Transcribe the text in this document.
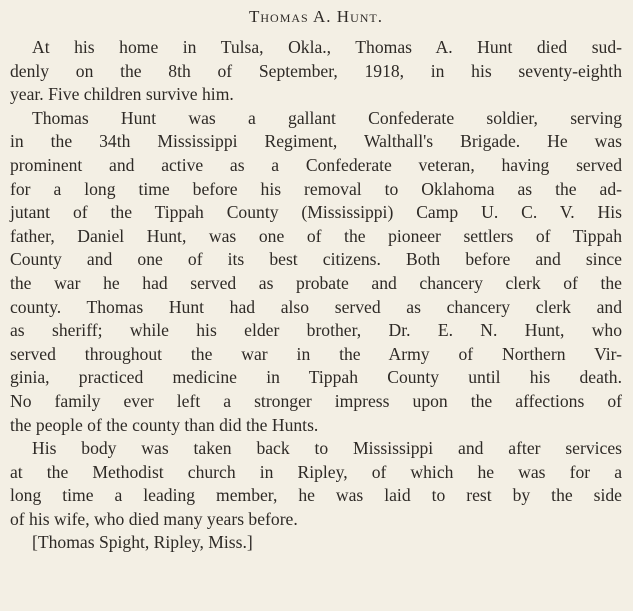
Thomas A. Hunt.

At his home in Tulsa, Okla., Thomas A. Hunt died sud-
denly on the 8th of September, 1918, in his seventy-eighth
year. Five children survive him.

Thomas Hunt was a gallant Confederate soldier, serving
in the 34th Mississippi Regiment, Walthall's Brigade. He was
prominent and active as a Confederate veteran, having served
for a long time before his removal to Oklahoma as the ad-
jutant of the Tippah County (Mississippi) Camp U. C. V. His
father, Daniel Hunt, was one of the pioneer settlers of Tippah
County and one of its best citizens. Both before and since
the war he had served as probate and chancery clerk of the
county. Thomas Hunt had also served as chancery clerk and
as sheriff; while his elder brother, Dr. E. N. Hunt, who
served throughout the war in the Army of Northern Vir-
ginia, practiced medicine in Tippah County until his death.
No family ever left a stronger impress upon the affections of
the people of the county than did the Hunts.

His body was taken back to Mississippi and after services
at the Methodist church in Ripley, of which he was for a
long time a leading member, he was laid to rest by the side
of his wife, who died many years before.

[Thomas Spight, Ripley, Miss.]
